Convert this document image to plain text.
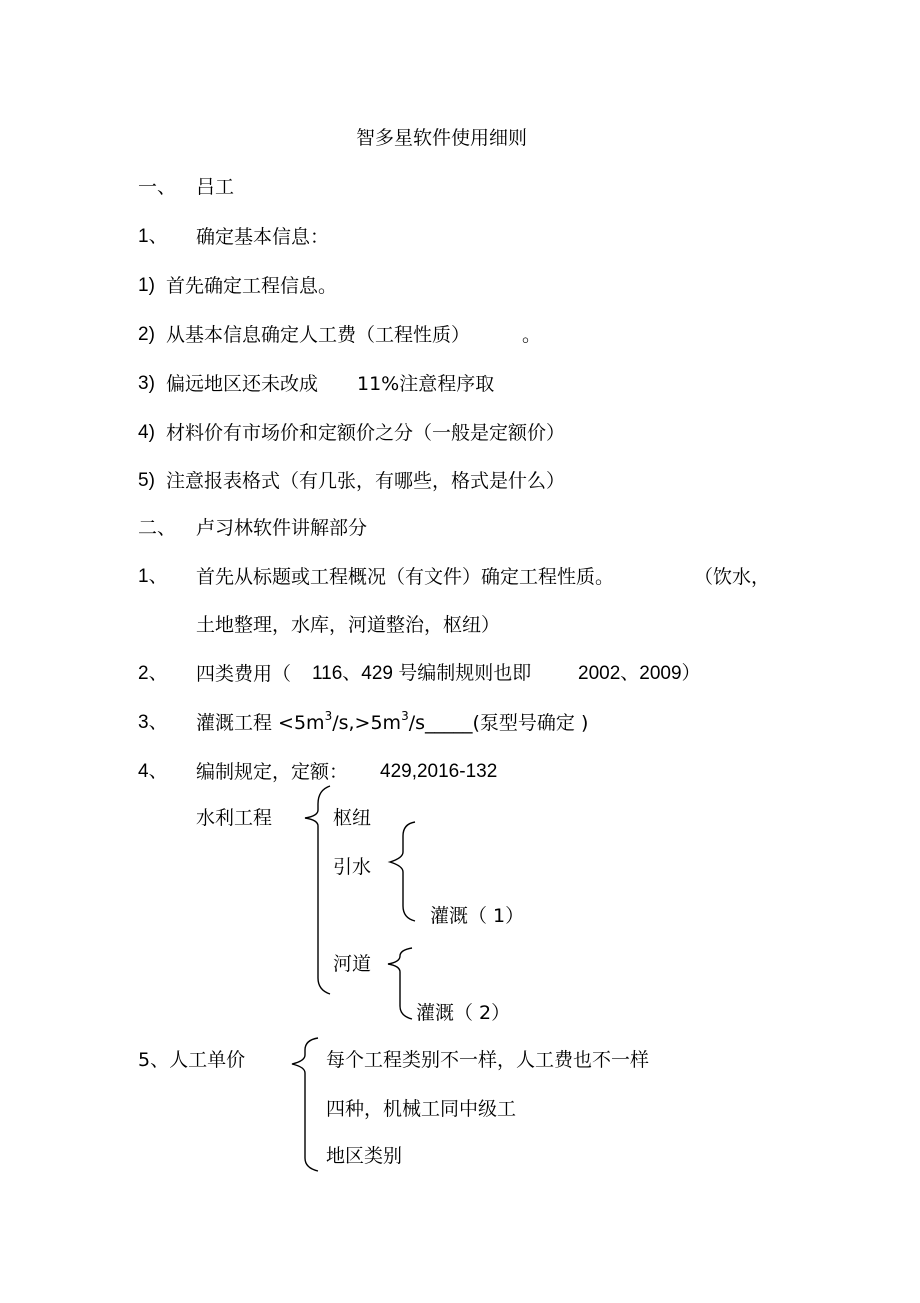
智多星软件使用细则
一、 吕工
1、 确定基本信息：
1) 首先确定工程信息。
2) 从基本信息确定人工费（工程性质）	。
3) 偏远地区还未改成 11%注意程序取
4) 材料价有市场价和定额价之分（一般是定额价）
5) 注意报表格式（有几张，有哪些，格式是什么）
二、 卢习林软件讲解部分
1、 首先从标题或工程概况（有文件）确定工程性质。	（饮水，
土地整理，水库，河道整治，枢纽）
2、 四类费用（ 116、429 号编制规则也即 2002、2009）
3、 灌溉工程 $<5m^3/s,>5m^3/s\_\_\_\_\_$(泵型号确定 )
4、 编制规定，定额： 429,2016-132
水利工程	枢纽
引水
灌溉（ 1）
河道
灌溉（ 2）
5、人工单价	每个工程类别不一样，人工费也不一样
四种，机械工同中级工
地区类别
